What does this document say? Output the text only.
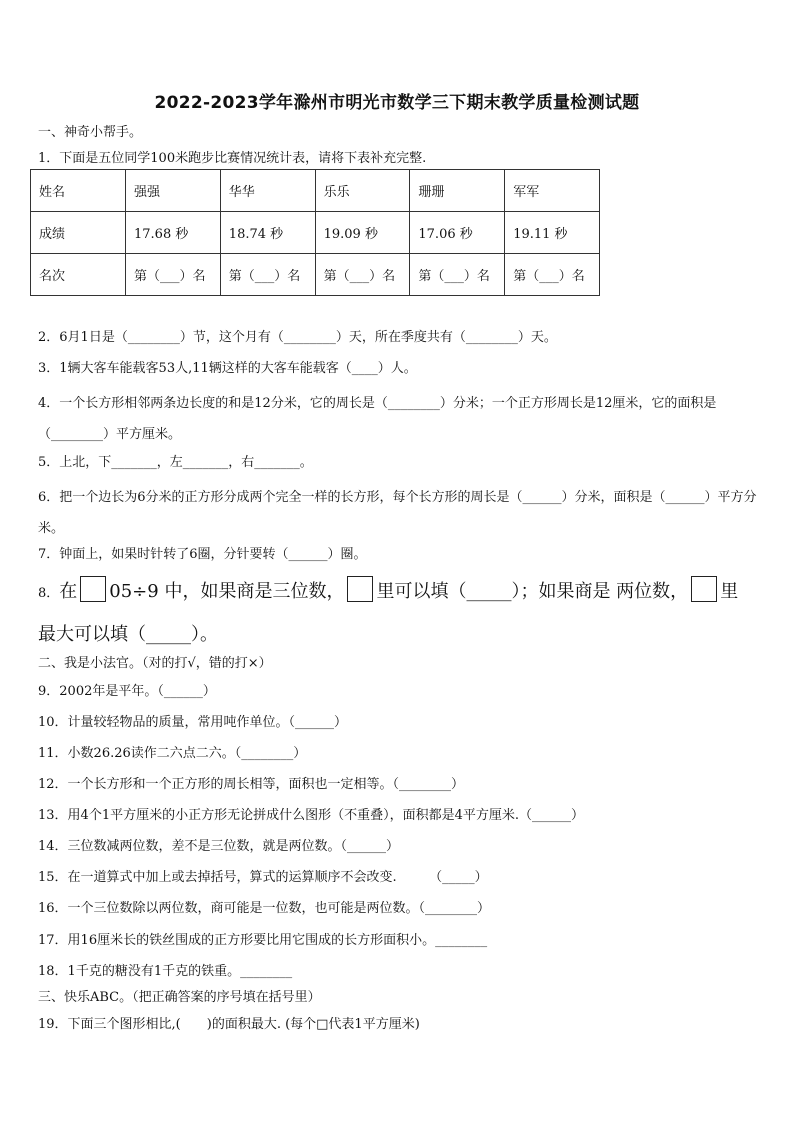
2022-2023学年滁州市明光市数学三下期末教学质量检测试题
一、神奇小帮手。
1．下面是五位同学100米跑步比赛情况统计表，请将下表补充完整.
姓名	强强	华华	乐乐	珊珊	军军
成绩	17.68 秒	18.74 秒	19.09 秒	17.06 秒	19.11 秒
名次	第（___）名	第（___）名	第（___）名	第（___）名	第（___）名
2．6月1日是（________）节，这个月有（________）天，所在季度共有（________）天。
3．1辆大客车能载客53人,11辆这样的大客车能载客（____）人。
4．一个长方形相邻两条边长度的和是12分米，它的周长是（________）分米；一个正方形周长是12厘米，它的面积是（________）平方厘米。
5．上北，下_______，左_______，右_______。
6．把一个边长为6分米的正方形分成两个完全一样的长方形，每个长方形的周长是（______）分米，面积是（______）平方分米。
7．钟面上，如果时针转了6圈，分针要转（______）圈。
8．在 05÷9 中，如果商是三位数， 里可以填（_____）；如果商是 两位数， 里
最大可以填（_____）。
二、我是小法官。（对的打√，错的打×）
9．2002年是平年。（______）
10．计量较轻物品的质量，常用吨作单位。（______）
11．小数26.26读作二六点二六。（________）
12．一个长方形和一个正方形的周长相等，面积也一定相等。（________）
13．用4个1平方厘米的小正方形无论拼成什么图形（不重叠），面积都是4平方厘米.（______）
14．三位数减两位数，差不是三位数，就是两位数。（______）
15．在一道算式中加上或去掉括号，算式的运算顺序不会改变.　　　（_____）
16．一个三位数除以两位数，商可能是一位数，也可能是两位数。（________）
17．用16厘米长的铁丝围成的正方形要比用它围成的长方形面积小。________
18．1千克的糖没有1千克的铁重。________
三、快乐ABC。（把正确答案的序号填在括号里）
19．下面三个图形相比,(　　)的面积最大. (每个□代表1平方厘米)
